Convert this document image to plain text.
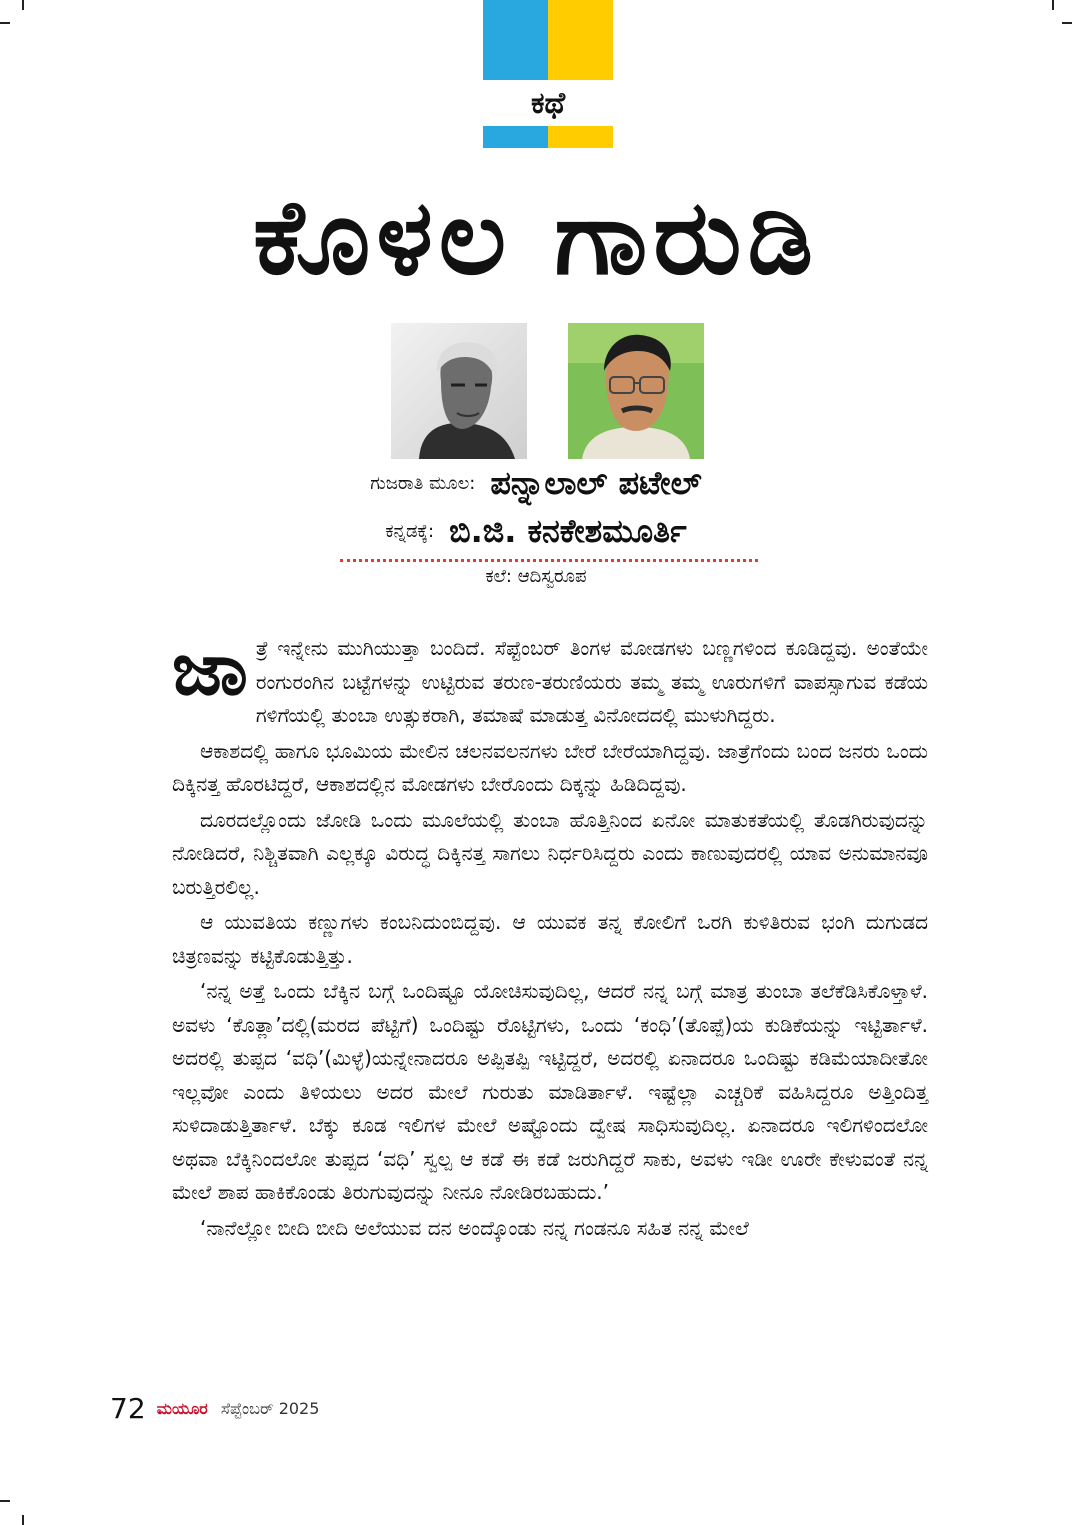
ಕಥೆ
ಕೊಳಲ ಗಾರುಡಿ
ಗುಜರಾತಿ ಮೂಲ: ಪನ್ನಾಲಾಲ್ ಪಟೇಲ್
ಕನ್ನಡಕ್ಕೆ: ಬಿ.ಜಿ. ಕನಕೇಶಮೂರ್ತಿ
ಕಲೆ: ಆದಿಸ್ವರೂಪ

ಜಾತ್ರೆ ಇನ್ನೇನು ಮುಗಿಯುತ್ತಾ ಬಂದಿದೆ. ಸೆಪ್ಟೆಂಬರ್ ತಿಂಗಳ ಮೋಡಗಳು ಬಣ್ಣಗಳಿಂದ ಕೂಡಿದ್ದವು. ಅಂತೆಯೇ ರಂಗುರಂಗಿನ ಬಟ್ಟೆಗಳನ್ನು ಉಟ್ಟಿರುವ ತರುಣ-ತರುಣಿಯರು ತಮ್ಮ ತಮ್ಮ ಊರುಗಳಿಗೆ ವಾಪಸ್ಸಾಗುವ ಕಡೆಯ ಗಳಿಗೆಯಲ್ಲಿ ತುಂಬಾ ಉತ್ಸುಕರಾಗಿ, ತಮಾಷೆ ಮಾಡುತ್ತ ವಿನೋದದಲ್ಲಿ ಮುಳುಗಿದ್ದರು.

ಆಕಾಶದಲ್ಲಿ ಹಾಗೂ ಭೂಮಿಯ ಮೇಲಿನ ಚಲನವಲನಗಳು ಬೇರೆ ಬೇರೆಯಾಗಿದ್ದವು. ಜಾತ್ರೆಗೆಂದು ಬಂದ ಜನರು ಒಂದು ದಿಕ್ಕಿನತ್ತ ಹೊರಟಿದ್ದರೆ, ಆಕಾಶದಲ್ಲಿನ ಮೋಡಗಳು ಬೇರೊಂದು ದಿಕ್ಕನ್ನು ಹಿಡಿದಿದ್ದವು.

ದೂರದಲ್ಲೊಂದು ಜೋಡಿ ಒಂದು ಮೂಲೆಯಲ್ಲಿ ತುಂಬಾ ಹೊತ್ತಿನಿಂದ ಏನೋ ಮಾತುಕತೆಯಲ್ಲಿ ತೊಡಗಿರುವುದನ್ನು ನೋಡಿದರೆ, ನಿಶ್ಚಿತವಾಗಿ ಎಲ್ಲಕ್ಕೂ ವಿರುದ್ಧ ದಿಕ್ಕಿನತ್ತ ಸಾಗಲು ನಿರ್ಧರಿಸಿದ್ದರು ಎಂದು ಕಾಣುವುದರಲ್ಲಿ ಯಾವ ಅನುಮಾನವೂ ಬರುತ್ತಿರಲಿಲ್ಲ.

ಆ ಯುವತಿಯ ಕಣ್ಣುಗಳು ಕಂಬನಿದುಂಬಿದ್ದವು. ಆ ಯುವಕ ತನ್ನ ಕೋಲಿಗೆ ಒರಗಿ ಕುಳಿತಿರುವ ಭಂಗಿ ದುಗುಡದ ಚಿತ್ರಣವನ್ನು ಕಟ್ಟಿಕೊಡುತ್ತಿತ್ತು.

‘ನನ್ನ ಅತ್ತೆ ಒಂದು ಬೆಕ್ಕಿನ ಬಗ್ಗೆ ಒಂದಿಷ್ಟೂ ಯೋಚಿಸುವುದಿಲ್ಲ, ಆದರೆ ನನ್ನ ಬಗ್ಗೆ ಮಾತ್ರ ತುಂಬಾ ತಲೆಕೆಡಿಸಿಕೊಳ್ತಾಳೆ. ಅವಳು ‘ಕೊತ್ಲಾ’ದಲ್ಲಿ(ಮರದ ಪೆಟ್ಟಿಗೆ) ಒಂದಿಷ್ಟು ರೊಟ್ಟಿಗಳು, ಒಂದು ‘ಕಂಧಿ’(ತೊಪ್ಪೆ)ಯ ಕುಡಿಕೆಯನ್ನು ಇಟ್ಟಿರ್ತಾಳೆ. ಅದರಲ್ಲಿ ತುಪ್ಪದ ‘ವಧಿ’(ಮಿಳ್ಳೆ)ಯನ್ನೇನಾದರೂ ಅಪ್ಪಿತಪ್ಪಿ ಇಟ್ಟಿದ್ದರೆ, ಅದರಲ್ಲಿ ಏನಾದರೂ ಒಂದಿಷ್ಟು ಕಡಿಮೆಯಾದೀತೋ ಇಲ್ಲವೋ ಎಂದು ತಿಳಿಯಲು ಅದರ ಮೇಲೆ ಗುರುತು ಮಾಡಿರ್ತಾಳೆ. ಇಷ್ಟೆಲ್ಲಾ ಎಚ್ಚರಿಕೆ ವಹಿಸಿದ್ದರೂ ಅತ್ತಿಂದಿತ್ತ ಸುಳಿದಾಡುತ್ತಿರ್ತಾಳೆ. ಬೆಕ್ಕು ಕೂಡ ಇಲಿಗಳ ಮೇಲೆ ಅಷ್ಟೊಂದು ದ್ವೇಷ ಸಾಧಿಸುವುದಿಲ್ಲ. ಏನಾದರೂ ಇಲಿಗಳಿಂದಲೋ ಅಥವಾ ಬೆಕ್ಕಿನಿಂದಲೋ ತುಪ್ಪದ ‘ವಧಿ’ ಸ್ವಲ್ಪ ಆ ಕಡೆ ಈ ಕಡೆ ಜರುಗಿದ್ದರೆ ಸಾಕು, ಅವಳು ಇಡೀ ಊರೇ ಕೇಳುವಂತೆ ನನ್ನ ಮೇಲೆ ಶಾಪ ಹಾಕಿಕೊಂಡು ತಿರುಗುವುದನ್ನು ನೀನೂ ನೋಡಿರಬಹುದು.’

‘ನಾನೆಲ್ಲೋ ಬೀದಿ ಬೀದಿ ಅಲೆಯುವ ದನ ಅಂದ್ಕೊಂಡು ನನ್ನ ಗಂಡನೂ ಸಹಿತ ನನ್ನ ಮೇಲೆ

72 ಮಯೂರ ಸೆಪ್ಟೆಂಬರ್ 2025
